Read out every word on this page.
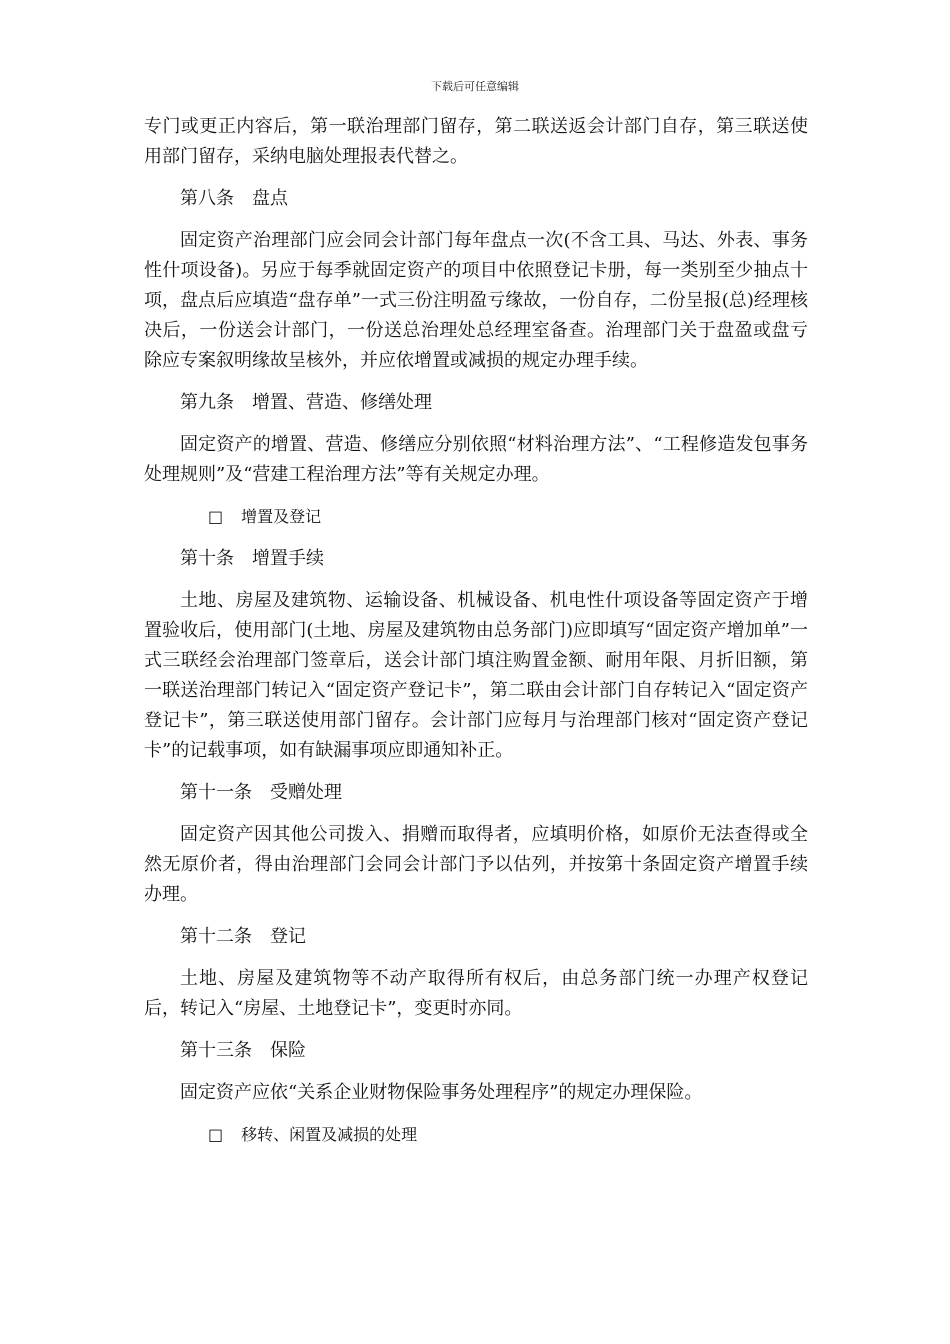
下载后可任意编辑

专门或更正内容后，第一联治理部门留存，第二联送返会计部门自存，第三联送使用部门留存，采纳电脑处理报表代替之。

第八条　盘点

固定资产治理部门应会同会计部门每年盘点一次(不含工具、马达、外表、事务性什项设备)。另应于每季就固定资产的项目中依照登记卡册，每一类别至少抽点十项，盘点后应填造“盘存单”一式三份注明盈亏缘故，一份自存，二份呈报(总)经理核决后，一份送会计部门，一份送总治理处总经理室备查。治理部门关于盘盈或盘亏除应专案叙明缘故呈核外，并应依增置或减损的规定办理手续。

第九条　增置、营造、修缮处理

固定资产的增置、营造、修缮应分别依照“材料治理方法”、“工程修造发包事务处理规则”及“营建工程治理方法”等有关规定办理。

□ 增置及登记

第十条　增置手续

土地、房屋及建筑物、运输设备、机械设备、机电性什项设备等固定资产于增置验收后，使用部门(土地、房屋及建筑物由总务部门)应即填写“固定资产增加单”一式三联经会治理部门签章后，送会计部门填注购置金额、耐用年限、月折旧额，第一联送治理部门转记入“固定资产登记卡”，第二联由会计部门自存转记入“固定资产登记卡”，第三联送使用部门留存。会计部门应每月与治理部门核对“固定资产登记卡”的记载事项，如有缺漏事项应即通知补正。

第十一条　受赠处理

固定资产因其他公司拨入、捐赠而取得者，应填明价格，如原价无法查得或全然无原价者，得由治理部门会同会计部门予以估列，并按第十条固定资产增置手续办理。

第十二条　登记

土地、房屋及建筑物等不动产取得所有权后，由总务部门统一办理产权登记后，转记入“房屋、土地登记卡”，变更时亦同。

第十三条　保险

固定资产应依“关系企业财物保险事务处理程序”的规定办理保险。

□ 移转、闲置及减损的处理
